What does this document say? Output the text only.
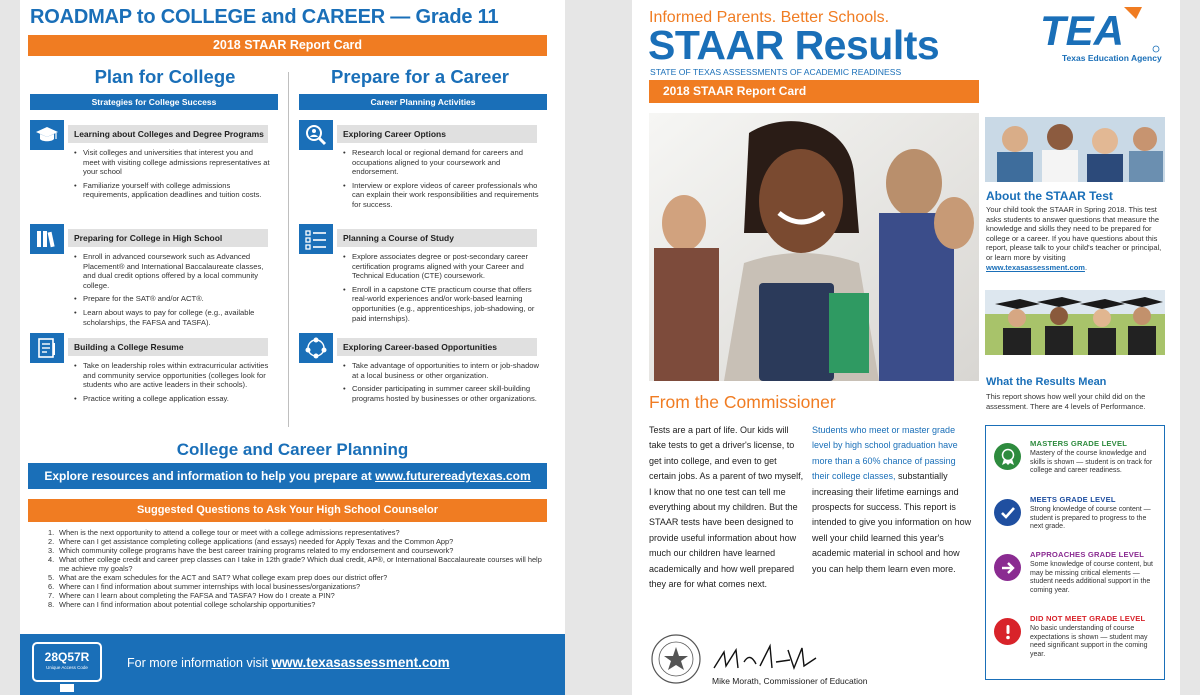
ROADMAP to COLLEGE and CAREER — Grade 11
2018 STAAR Report Card
Plan for College	Prepare for a Career
Strategies for College Success	Career Planning Activities
Learning about Colleges and Degree Programs
• Visit colleges and universities that interest you and meet with visiting college admissions representatives at your school
• Familiarize yourself with college admissions requirements, application deadlines and tuition costs.
Preparing for College in High School
• Enroll in advanced coursework such as Advanced Placement® and International Baccalaureate classes, and dual credit options offered by a local community college.
• Prepare for the SAT® and/or ACT®.
• Learn about ways to pay for college (e.g., available scholarships, the FAFSA and TASFA).
Building a College Resume
• Take on leadership roles within extracurricular activities and community service opportunities (colleges look for students who are active leaders in their schools).
• Practice writing a college application essay.
Exploring Career Options
• Research local or regional demand for careers and occupations aligned to your coursework and endorsement.
• Interview or explore videos of career professionals who can explain their work responsibilities and requirements for success.
Planning a Course of Study
• Explore associates degree or post-secondary career certification programs aligned with your Career and Technical Education (CTE) coursework.
• Enroll in a capstone CTE practicum course that offers real-world experiences and/or work-based learning opportunities (e.g., apprenticeships, job-shadowing, or paid internships).
Exploring Career-based Opportunities
• Take advantage of opportunities to intern or job-shadow at a local business or other organization.
• Consider participating in summer career skill-building programs hosted by businesses or other organizations.
College and Career Planning
Explore resources and information to help you prepare at www.futurereadytexas.com
Suggested Questions to Ask Your High School Counselor
1. When is the next opportunity to attend a college tour or meet with a college admissions representatives?
2. Where can I get assistance completing college applications (and essays) needed for Apply Texas and the Common App?
3. Which community college programs have the best career training programs related to my endorsement and coursework?
4. What other college credit and career prep classes can I take in 12th grade? Which dual credit, AP®, or International Baccalaureate courses will help me achieve my goals?
5. What are the exam schedules for the ACT and SAT? What college exam prep does our district offer?
6. Where can I find information about summer internships with local businesses/organizations?
7. Where can I learn about completing the FAFSA and TASFA? How do I create a PIN?
8. Where can I find information about potential college scholarship opportunities?
28Q57R
Unique Access Code	For more information visit www.texasassessment.com
Informed Parents. Better Schools.
STAAR Results
STATE OF TEXAS ASSESSMENTS OF ACADEMIC READINESS
TEA
Texas Education Agency
2018 STAAR Report Card
About the STAAR Test
Your child took the STAAR in Spring 2018. This test asks students to answer questions that measure the knowledge and skills they need to be prepared for college or a career. If you have questions about this report, please talk to your child's teacher or principal, or learn more by visiting www.texasassessment.com.
What the Results Mean
This report shows how well your child did on the assessment. There are 4 levels of Performance.
From the Commissioner
Tests are a part of life. Our kids will take tests to get a driver's license, to get into college, and even to get certain jobs. As a parent of two myself, I know that no one test can tell me everything about my children. But the STAAR tests have been designed to provide useful information about how much our children have learned academically and how well prepared they are for what comes next.
Students who meet or master grade level by high school graduation have more than a 60% chance of passing their college classes, substantially increasing their lifetime earnings and prospects for success. This report is intended to give you information on how well your child learned this year's academic material in school and how you can help them learn even more.
Mike Morath, Commissioner of Education
MASTERS GRADE LEVEL
Mastery of the course knowledge and skills is shown — student is on track for college and career readiness.
MEETS GRADE LEVEL
Strong knowledge of course content — student is prepared to progress to the next grade.
APPROACHES GRADE LEVEL
Some knowledge of course content, but may be missing critical elements — student needs additional support in the coming year.
DID NOT MEET GRADE LEVEL
No basic understanding of course expectations is shown — student may need significant support in the coming year.
